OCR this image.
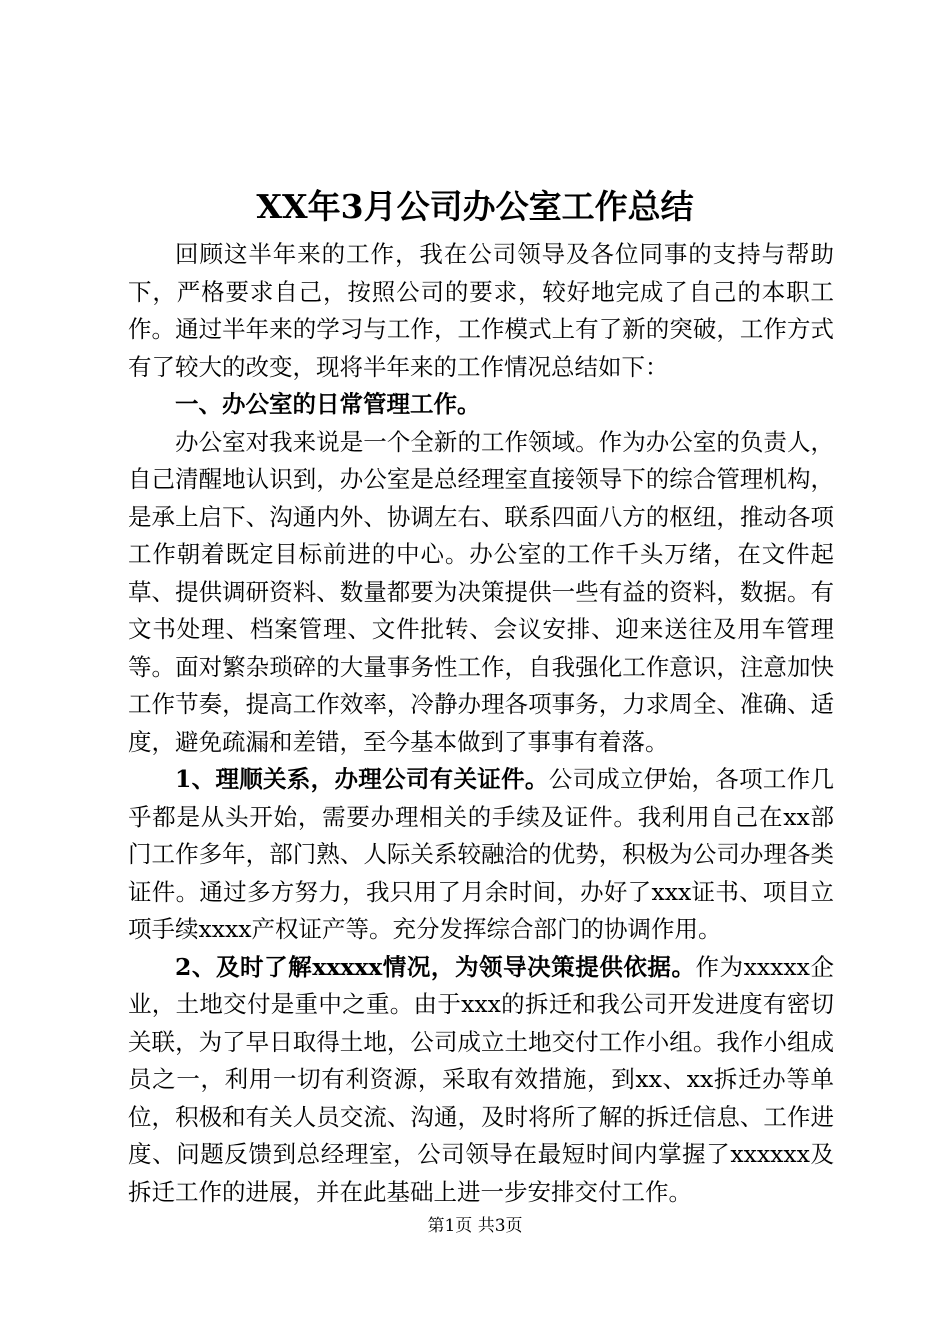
XX年3月公司办公室工作总结

回顾这半年来的工作，我在公司领导及各位同事的支持与帮助下，严格要求自己，按照公司的要求，较好地完成了自己的本职工作。通过半年来的学习与工作，工作模式上有了新的突破，工作方式有了较大的改变，现将半年来的工作情况总结如下：

一、办公室的日常管理工作。

办公室对我来说是一个全新的工作领域。作为办公室的负责人，自己清醒地认识到，办公室是总经理室直接领导下的综合管理机构，是承上启下、沟通内外、协调左右、联系四面八方的枢纽，推动各项工作朝着既定目标前进的中心。办公室的工作千头万绪，在文件起草、提供调研资料、数量都要为决策提供一些有益的资料，数据。有文书处理、档案管理、文件批转、会议安排、迎来送往及用车管理等。面对繁杂琐碎的大量事务性工作，自我强化工作意识，注意加快工作节奏，提高工作效率，冷静办理各项事务，力求周全、准确、适度，避免疏漏和差错，至今基本做到了事事有着落。

1、理顺关系，办理公司有关证件。公司成立伊始，各项工作几乎都是从头开始，需要办理相关的手续及证件。我利用自己在xx部门工作多年，部门熟、人际关系较融洽的优势，积极为公司办理各类证件。通过多方努力，我只用了月余时间，办好了xxx证书、项目立项手续xxxx产权证产等。充分发挥综合部门的协调作用。

2、及时了解xxxxx情况，为领导决策提供依据。作为xxxxx企业，土地交付是重中之重。由于xxx的拆迁和我公司开发进度有密切关联，为了早日取得土地，公司成立土地交付工作小组。我作小组成员之一，利用一切有利资源，采取有效措施，到xx、xx拆迁办等单位，积极和有关人员交流、沟通，及时将所了解的拆迁信息、工作进度、问题反馈到总经理室，公司领导在最短时间内掌握了xxxxxx及拆迁工作的进展，并在此基础上进一步安排交付工作。

第1页 共3页
